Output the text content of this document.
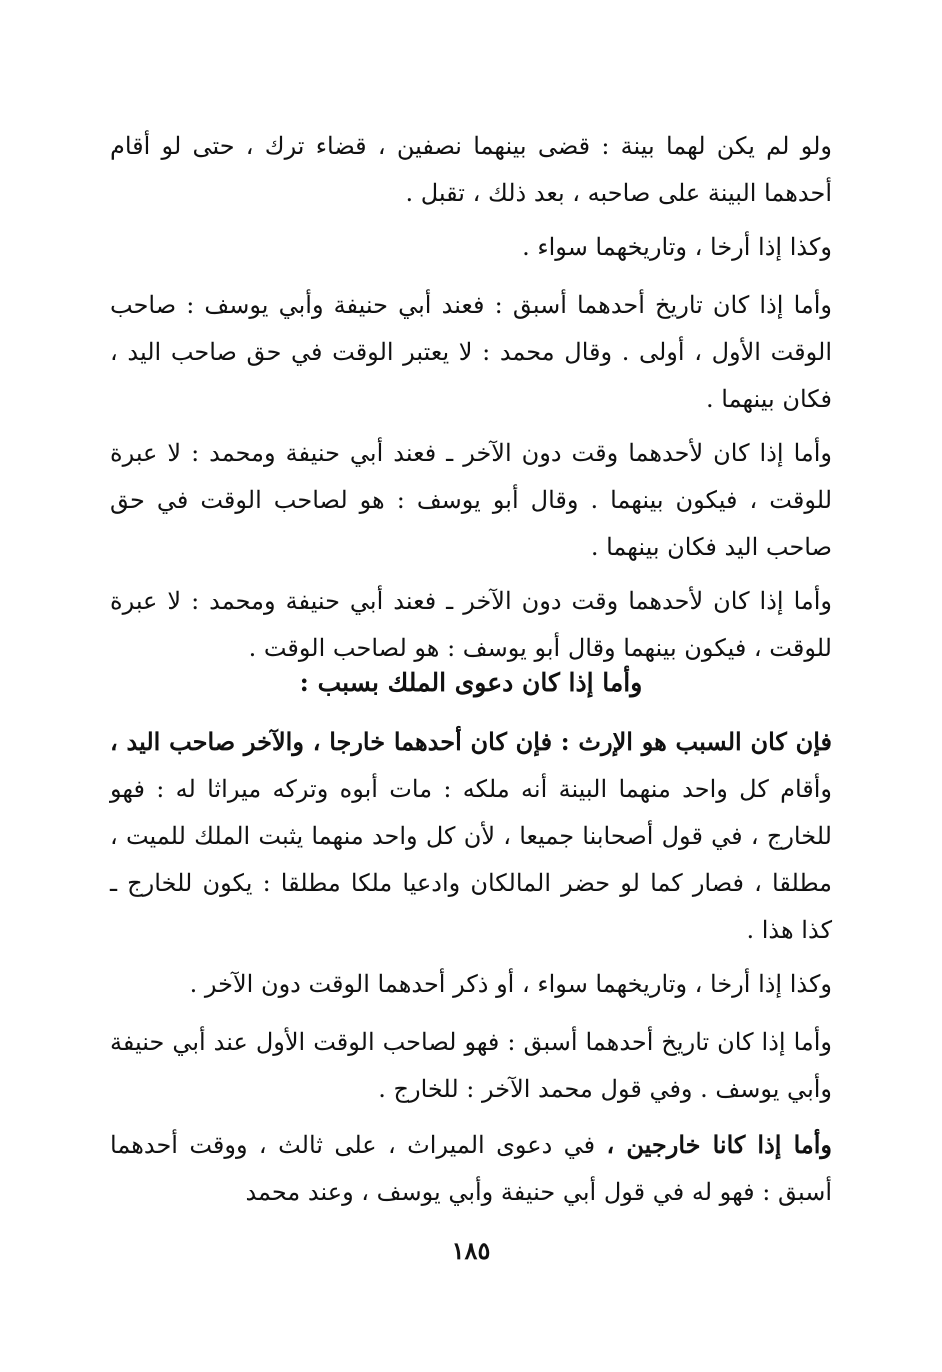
ولو لم يكن لهما بينة : قضى بينهما نصفين ، قضاء ترك ، حتى لو أقام أحدهما البينة على صاحبه ، بعد ذلك ، تقبل .

وكذا إذا أرخا ، وتاريخهما سواء .

وأما إذا كان تاريخ أحدهما أسبق : فعند أبي حنيفة وأبي يوسف : صاحب الوقت الأول ، أولى . وقال محمد : لا يعتبر الوقت في حق صاحب اليد ، فكان بينهما .

وأما إذا كان لأحدهما وقت دون الآخر ـ فعند أبي حنيفة ومحمد : لا عبرة للوقت ، فيكون بينهما . وقال أبو يوسف : هو لصاحب الوقت في حق صاحب اليد فكان بينهما .

وأما إذا كان لأحدهما وقت دون الآخر ـ فعند أبي حنيفة ومحمد : لا عبرة للوقت ، فيكون بينهما وقال أبو يوسف : هو لصاحب الوقت .

وأما إذا كان دعوى الملك بسبب :

فإن كان السبب هو الإرث : فإن كان أحدهما خارجا ، والآخر صاحب اليد ، وأقام كل واحد منهما البينة أنه ملكه : مات أبوه وتركه ميراثا له : فهو للخارج ، في قول أصحابنا جميعا ، لأن كل واحد منهما يثبت الملك للميت ، مطلقا ، فصار كما لو حضر المالكان وادعيا ملكا مطلقا : يكون للخارج ـ كذا هذا .

وكذا إذا أرخا ، وتاريخهما سواء ، أو ذكر أحدهما الوقت دون الآخر .

وأما إذا كان تاريخ أحدهما أسبق : فهو لصاحب الوقت الأول عند أبي حنيفة وأبي يوسف . وفي قول محمد الآخر : للخارج .

وأما إذا كانا خارجين ، في دعوى الميراث ، على ثالث ، ووقت أحدهما أسبق : فهو له في قول أبي حنيفة وأبي يوسف ، وعند محمد

١٨٥
